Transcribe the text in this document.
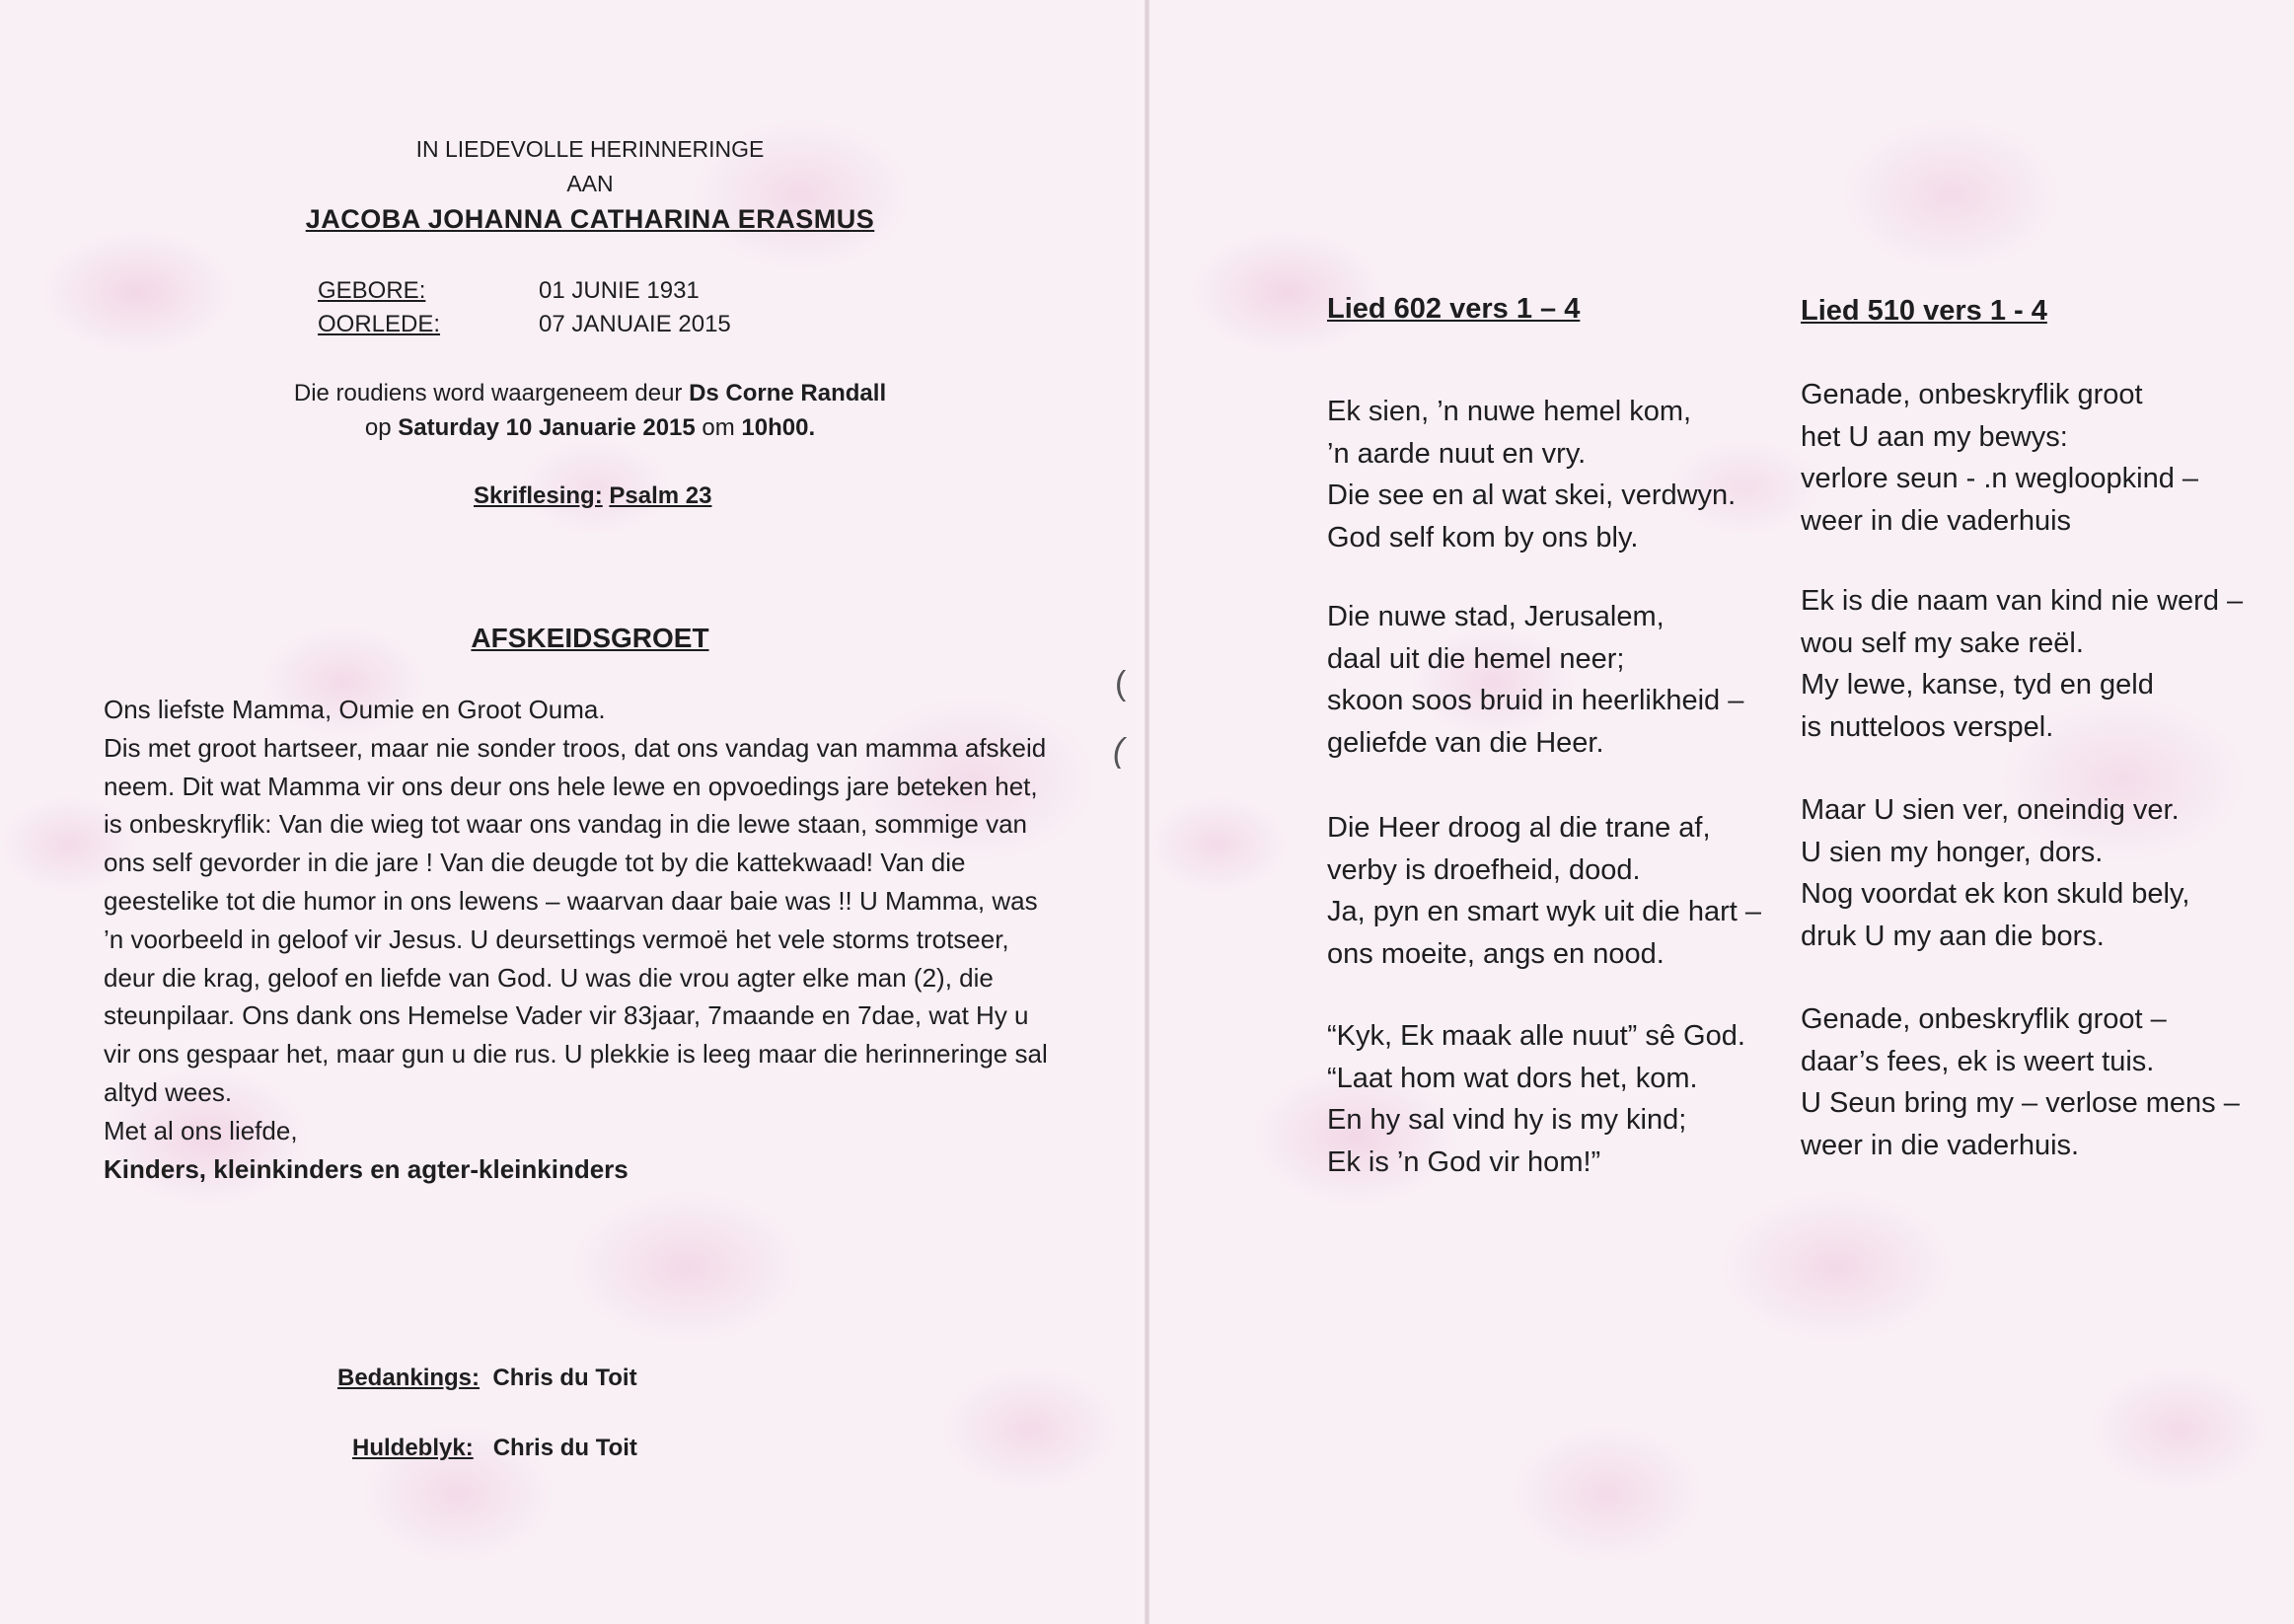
IN LIEDEVOLLE HERINNERINGE
AAN
JACOBA JOHANNA CATHARINA ERASMUS
GEBORE:	01 JUNIE 1931
OORLEDE:	07 JANUAIE 2015
Die roudiens word waargeneem deur Ds Corne Randall
op Saturday 10 Januarie 2015 om 10h00.
Skriflesing: Psalm 23
AFSKEIDSGROET
Ons liefste Mamma, Oumie en Groot Ouma.
Dis met groot hartseer, maar nie sonder troos, dat ons vandag van mamma afskeid
neem. Dit wat Mamma vir ons deur ons hele lewe en opvoedings jare beteken het,
is onbeskryflik: Van die wieg tot waar ons vandag in die lewe staan, sommige van
ons self gevorder in die jare ! Van die deugde tot by die kattekwaad! Van die
geestelike tot die humor in ons lewens – waarvan daar baie was !! U Mamma, was
’n voorbeeld in geloof vir Jesus. U deursettings vermoë het vele storms trotseer,
deur die krag, geloof en liefde van God. U was die vrou agter elke man (2), die
steunpilaar. Ons dank ons Hemelse Vader vir 83jaar, 7maande en 7dae, wat Hy u
vir ons gespaar het, maar gun u die rus. U plekkie is leeg maar die herinneringe sal
altyd wees.
Met al ons liefde,
Kinders, kleinkinders en agter-kleinkinders
Bedankings: Chris du Toit
Huldeblyk: Chris du Toit
(
(
Lied 602 vers 1 – 4
Ek sien, ’n nuwe hemel kom,
’n aarde nuut en vry.
Die see en al wat skei, verdwyn.
God self kom by ons bly.
Die nuwe stad, Jerusalem,
daal uit die hemel neer;
skoon soos bruid in heerlikheid –
geliefde van die Heer.
Die Heer droog al die trane af,
verby is droefheid, dood.
Ja, pyn en smart wyk uit die hart –
ons moeite, angs en nood.
“Kyk, Ek maak alle nuut” sê God.
“Laat hom wat dors het, kom.
En hy sal vind hy is my kind;
Ek is ’n God vir hom!”
Lied 510 vers 1 - 4
Genade, onbeskryflik groot
het U aan my bewys:
verlore seun - .n wegloopkind –
weer in die vaderhuis
Ek is die naam van kind nie werd –
wou self my sake reël.
My lewe, kanse, tyd en geld
is nutteloos verspel.
Maar U sien ver, oneindig ver.
U sien my honger, dors.
Nog voordat ek kon skuld bely,
druk U my aan die bors.
Genade, onbeskryflik groot –
daar’s fees, ek is weert tuis.
U Seun bring my – verlose mens –
weer in die vaderhuis.
